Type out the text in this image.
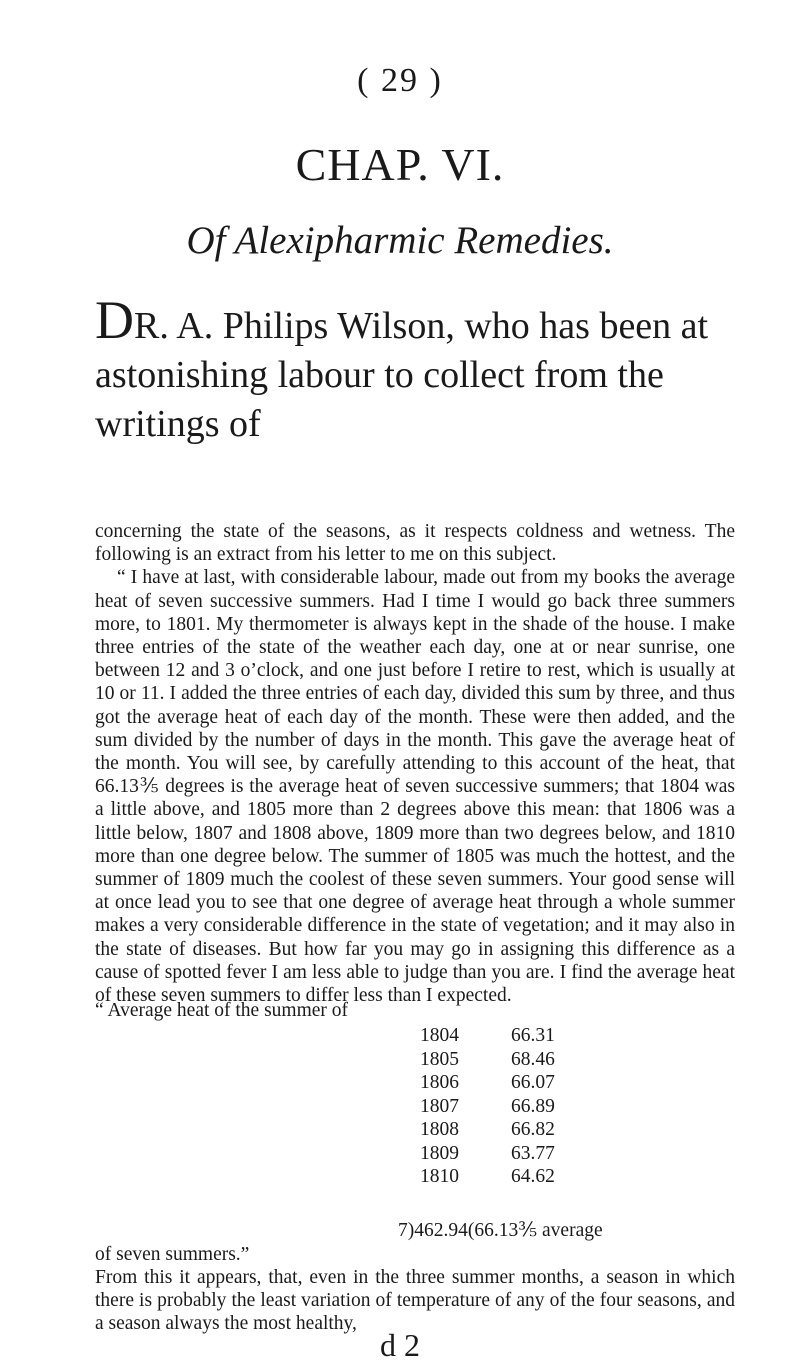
( 29 )
CHAP. VI.
Of Alexipharmic Remedies.
DR. A. Philips Wilson, who has been at astonishing labour to collect from the writings of

concerning the state of the seasons, as it respects coldness and wetness. The following is an extract from his letter to me on this subject.

“ I have at last, with considerable labour, made out from my books the average heat of seven successive summers. Had I time I would go back three summers more, to 1801. My thermometer is always kept in the shade of the house. I make three entries of the state of the weather each day, one at or near sunrise, one between 12 and 3 o’clock, and one just before I retire to rest, which is usually at 10 or 11. I added the three entries of each day, divided this sum by three, and thus got the average heat of each day of the month. These were then added, and the sum divided by the number of days in the month. This gave the average heat of the month. You will see, by carefully attending to this account of the heat, that 66.13⅗ degrees is the average heat of seven successive summers; that 1804 was a little above, and 1805 more than 2 degrees above this mean: that 1806 was a little below, 1807 and 1808 above, 1809 more than two degrees below, and 1810 more than one degree below. The summer of 1805 was much the hottest, and the summer of 1809 much the coolest of these seven summers. Your good sense will at once lead you to see that one degree of average heat through a whole summer makes a very considerable difference in the state of vegetation; and it may also in the state of diseases. But how far you may go in assigning this difference as a cause of spotted fever I am less able to judge than you are. I find the average heat of these seven summers to differ less than I expected.

“ Average heat of the summer of
1804	66.31
1805	68.46
1806	66.07
1807	66.89
1808	66.82
1809	63.77
1810	64.62
7)462.94(66.13⅗ average
of seven summers.”
From this it appears, that, even in the three summer months, a season in which there is probably the least variation of temperature of any of the four seasons, and a season always the most healthy,
d 2
